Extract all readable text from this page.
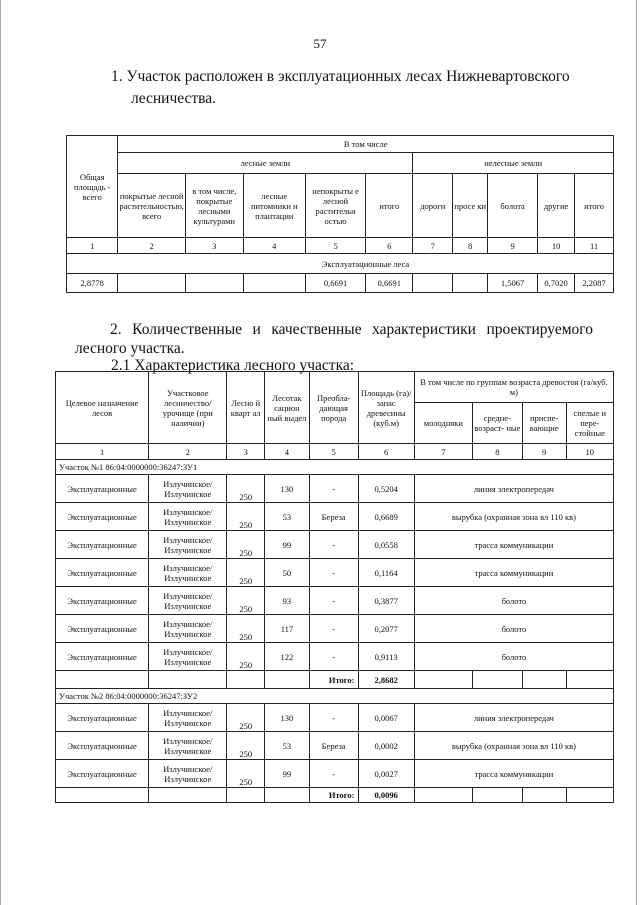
57
1. Участок расположен в эксплуатационных лесах Нижневартовского
лесничества.
Общая площадь - всего	В том числе									
	лесные земли					нелесные земли				
	покрытые лесной растительностью, всего	в том числе, покрытые лесными культурами	лесные питомники и плантации	непокрыты е лесной растительн остью	итого	дороги	просе ки	болота	другие	итого
1	2	3	4	5	6	7	8	9	10	11
	Эксплуатационные леса									
2,8778				0,6691	0,6691			1,5067	0,7020	2,2087
2. Количественные и качественные характеристики проектируемого
лесного участка.
2.1 Характеристика лесного участка:
Целевое назначение лесов	Участковое лесничество/ урочище (при наличии)	Лесно й кварт ал	Лесотак сацион ный выдел	Преобла- дающая порода	Площадь (га)/ запас древесины (куб.м)	В том числе по группам возраста древостоя (га/куб. м)			
						молодняки	средне- возраст- ные	приспе- вающие	спелые и пере- стойные
1	2	3	4	5	6	7	8	9	10
Участок №1 86:04:0000000:36247:ЗУ1									
Эксплуатационные	Излучинское/ Излучинское	250	130	-	0,5204	линия электропередач			
Эксплуатационные	Излучинское/ Излучинское	250	53	Береза	0,6689	вырубка (охранная зона вл 110 кв)			
Эксплуатационные	Излучинское/ Излучинское	250	99	-	0,0558	трасса коммуникации			
Эксплуатационные	Излучинское/ Излучинское	250	50	-	0,1164	трасса коммуникации			
Эксплуатационные	Излучинское/ Излучинское	250	93	-	0,3877	болото			
Эксплуатационные	Излучинское/ Излучинское	250	117	-	0,2077	болото			
Эксплуатационные	Излучинское/ Излучинское	250	122	-	0,9113	болото			
				Итого:	2,8682				
Участок №2 86:04:0000000:36247:ЗУ2									
Эксплуатационные	Излучинское/ Излучинское	250	130	-	0,0067	линия электропередач			
Эксплуатационные	Излучинское/ Излучинское	250	53	Береза	0,0002	вырубка (охранная зона вл 110 кв)			
Эксплуатационные	Излучинское/ Излучинское	250	99	-	0,0027	трасса коммуникации			
				Итого:	0,0096				
